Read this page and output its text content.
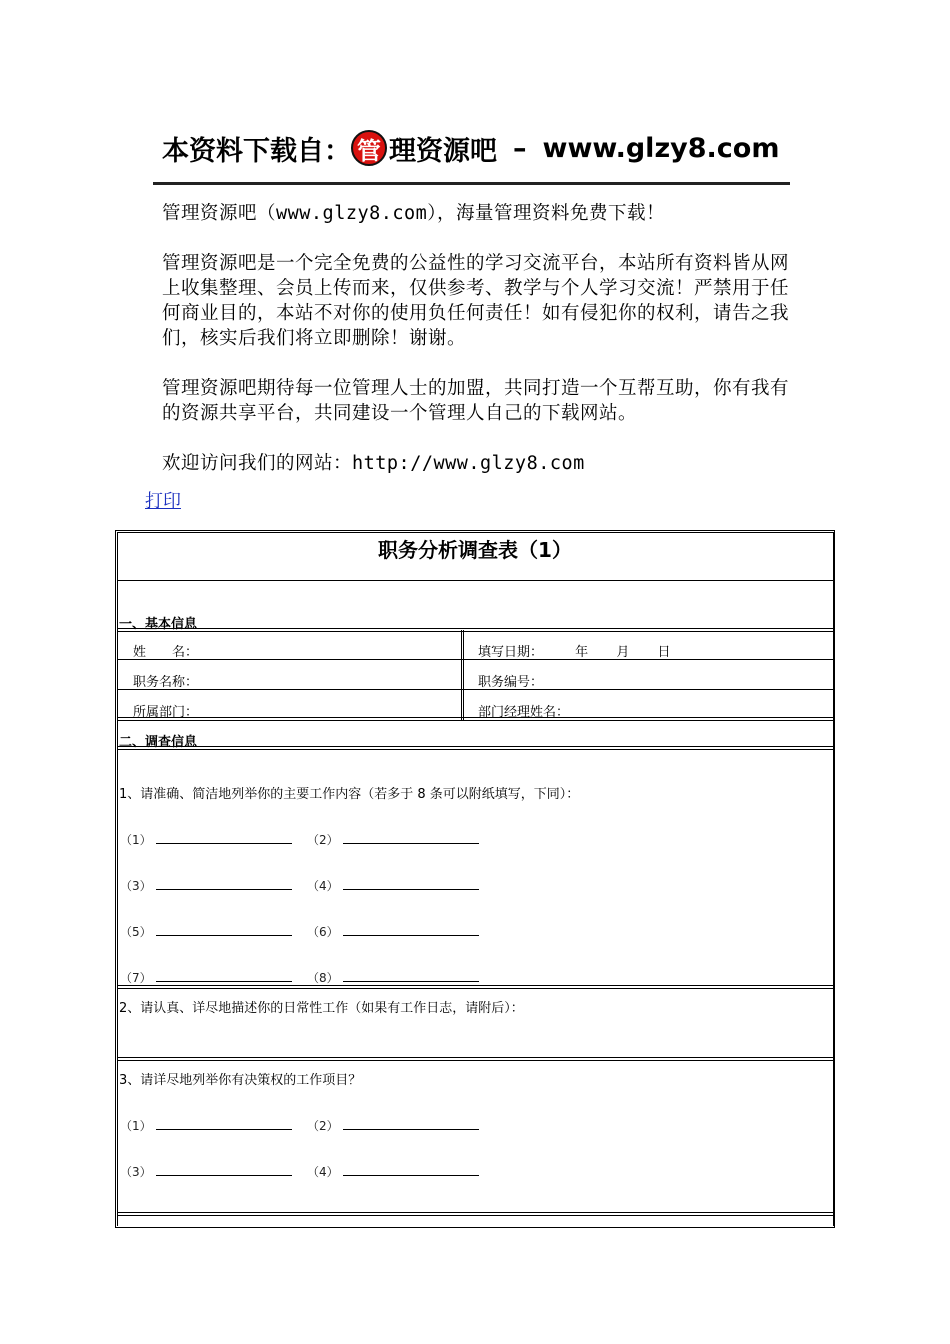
本资料下载自： 管 理资源吧 – www.glzy8.com
管理资源吧（www.glzy8.com），海量管理资料免费下载！
管理资源吧是一个完全免费的公益性的学习交流平台，本站所有资料皆从网上收集整理、会员上传而来，仅供参考、教学与个人学习交流！严禁用于任何商业目的，本站不对你的使用负任何责任！如有侵犯你的权利，请告之我们，核实后我们将立即删除！谢谢。
管理资源吧期待每一位管理人士的加盟，共同打造一个互帮互助，你有我有的资源共享平台，共同建设一个管理人自己的下载网站。
欢迎访问我们的网站：http://www.glzy8.com
打印
职务分析调查表（1）
一、基本信息
姓　　名：	填写日期： 年 月 日
职务名称：	职务编号：
所属部门：	部门经理姓名：
二、调查信息
1、请准确、简洁地列举你的主要工作内容（若多于 8 条可以附纸填写，下同）：
（1）	（2）
（3）	（4）
（5）	（6）
（7）	（8）
2、请认真、详尽地描述你的日常性工作（如果有工作日志，请附后）：
3、请详尽地列举你有决策权的工作项目？
（1）	（2）
（3）	（4）
